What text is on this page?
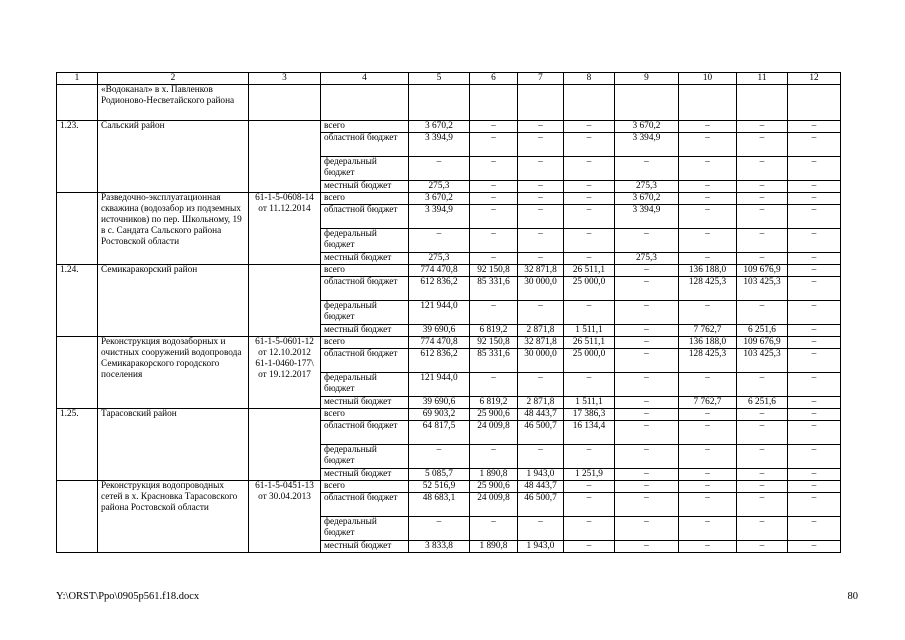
1	2	3	4	5	6	7	8	9	10	11	12
	«Водоканал» в х. Павленков Родионово-Несветайского района										
1.23.	Сальский район		всего	3 670,2	–	–	–	3 670,2	–	–	–
			областной бюджет	3 394,9	–	–	–	3 394,9	–	–	–
			федеральный бюджет	–	–	–	–	–	–	–	–
			местный бюджет	275,3	–	–	–	275,3	–	–	–
	Разведочно-эксплуатационная скважина (водозабор из подземных источников) по пер. Школьному, 19 в с. Сандата Сальского района Ростовской области	61-1-5-0608-14 от 11.12.2014	всего	3 670,2	–	–	–	3 670,2	–	–	–
			областной бюджет	3 394,9	–	–	–	3 394,9	–	–	–
			федеральный бюджет	–	–	–	–	–	–	–	–
			местный бюджет	275,3	–	–	–	275,3	–	–	–
1.24.	Семикаракорский район		всего	774 470,8	92 150,8	32 871,8	26 511,1	–	136 188,0	109 676,9	–
			областной бюджет	612 836,2	85 331,6	30 000,0	25 000,0	–	128 425,3	103 425,3	–
			федеральный бюджет	121 944,0	–	–	–	–	–	–	–
			местный бюджет	39 690,6	6 819,2	2 871,8	1 511,1	–	7 762,7	6 251,6	–
	Реконструкция водозаборных и очистных сооружений водопровода Семикаракорского городского поселения	61-1-5-0601-12 от 12.10.2012 61-1-0460-177\ от 19.12.2017	всего	774 470,8	92 150,8	32 871,8	26 511,1	–	136 188,0	109 676,9	–
			областной бюджет	612 836,2	85 331,6	30 000,0	25 000,0	–	128 425,3	103 425,3	–
			федеральный бюджет	121 944,0	–	–	–	–	–	–	–
			местный бюджет	39 690,6	6 819,2	2 871,8	1 511,1	–	7 762,7	6 251,6	–
1.25.	Тарасовский район		всего	69 903,2	25 900,6	48 443,7	17 386,3	–	–	–	–
			областной бюджет	64 817,5	24 009,8	46 500,7	16 134,4	–	–	–	–
			федеральный бюджет	–	–	–	–	–	–	–	–
			местный бюджет	5 085,7	1 890,8	1 943,0	1 251,9	–	–	–	–
	Реконструкция водопроводных сетей в х. Красновка Тарасовского района Ростовской области	61-1-5-0451-13 от 30.04.2013	всего	52 516,9	25 900,6	48 443,7	–	–	–	–	–
			областной бюджет	48 683,1	24 009,8	46 500,7	–	–	–	–	–
			федеральный бюджет	–	–	–	–	–	–	–	–
			местный бюджет	3 833,8	1 890,8	1 943,0	–	–	–	–	–
Y:\ORST\Ppo\0905p561.f18.docx	80
